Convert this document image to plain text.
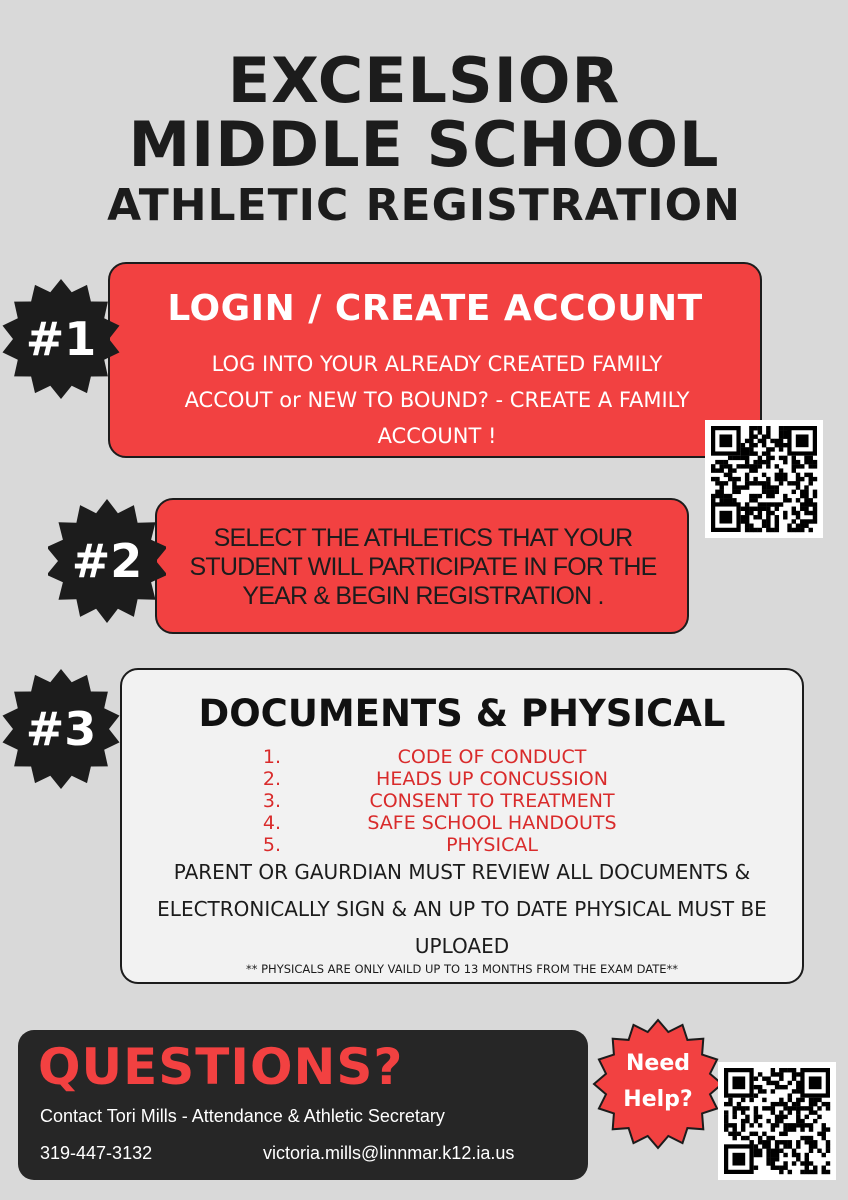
EXCELSIOR
MIDDLE SCHOOL
ATHLETIC REGISTRATION
LOGIN / CREATE ACCOUNT
LOG INTO YOUR ALREADY CREATED FAMILY ACCOUT or NEW TO BOUND? - CREATE A FAMILY ACCOUNT !
#1
SELECT THE ATHLETICS THAT YOUR STUDENT WILL PARTICIPATE IN FOR THE YEAR & BEGIN REGISTRATION .
#2
DOCUMENTS & PHYSICAL
1.	CODE OF CONDUCT
2.	HEADS UP CONCUSSION
3.	CONSENT TO TREATMENT
4.	SAFE SCHOOL HANDOUTS
5.	PHYSICAL
PARENT OR GAURDIAN MUST REVIEW ALL DOCUMENTS & ELECTRONICALLY SIGN & AN UP TO DATE PHYSICAL MUST BE UPLOAED
** PHYSICALS ARE ONLY VAILD UP TO 13 MONTHS FROM THE EXAM DATE**
#3
QUESTIONS?
Contact Tori Mills - Attendance & Athletic Secretary
319-447-3132	victoria.mills@linnmar.k12.ia.us
Need
Help?
